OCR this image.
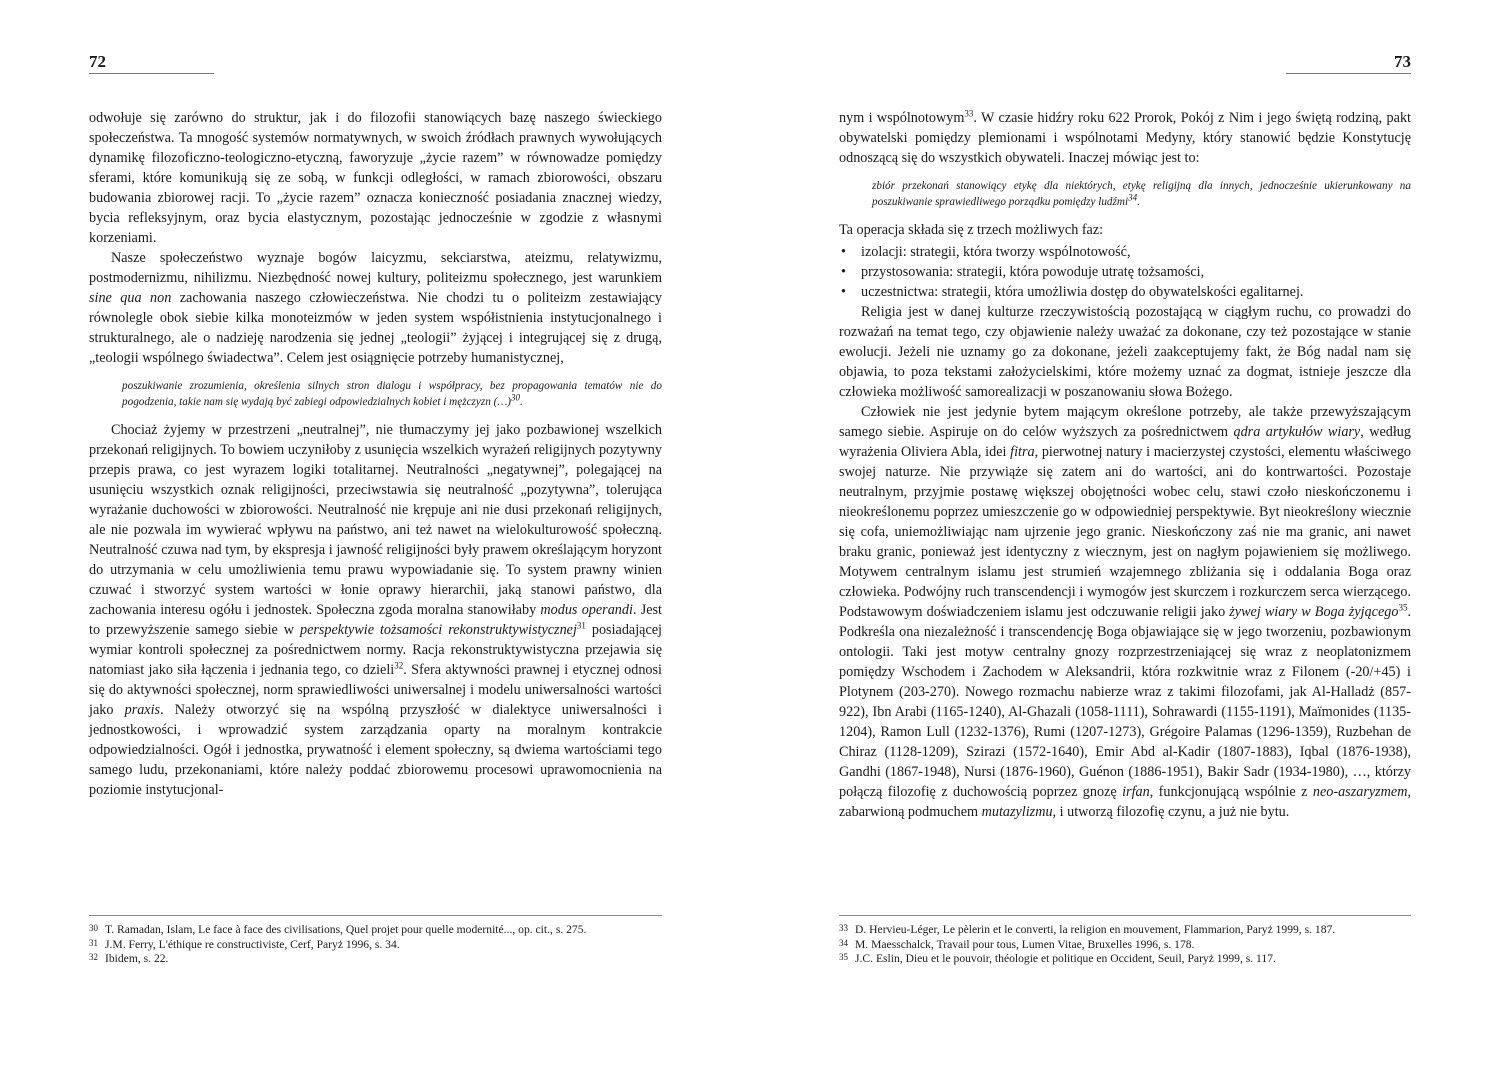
72

odwołuje się zarówno do struktur, jak i do filozofii stanowiących bazę naszego świeckiego społeczeństwa. Ta mnogość systemów normatywnych, w swoich źródłach prawnych wywołujących dynamikę filozoficzno-teologiczno-etyczną, faworyzuje „życie razem” w równowadze pomiędzy sferami, które komunikują się ze sobą, w funkcji odległości, w ramach zbiorowości, obszaru budowania zbiorowej racji. To „życie razem” oznacza konieczność posiadania znacznej wiedzy, bycia refleksyjnym, oraz bycia elastycznym, pozostając jednocześnie w zgodzie z własnymi korzeniami.

Nasze społeczeństwo wyznaje bogów laicyzmu, sekciarstwa, ateizmu, relatywizmu, postmodernizmu, nihilizmu. Niezbędność nowej kultury, politeizmu społecznego, jest warunkiem sine qua non zachowania naszego człowieczeństwa. Nie chodzi tu o politeizm zestawiający równolegle obok siebie kilka monoteizmów w jeden system współistnienia instytucjonalnego i strukturalnego, ale o nadzieję narodzenia się jednej „teologii” żyjącej i integrującej się z drugą, „teologii wspólnego świadectwa”. Celem jest osiągnięcie potrzeby humanistycznej,

poszukiwanie zrozumienia, określenia silnych stron dialogu i współpracy, bez propagowania tematów nie do pogodzenia, takie nam się wydają być zabiegi odpowiedzialnych kobiet i mężczyzn (…)$^{30}$.

Chociaż żyjemy w przestrzeni „neutralnej”, nie tłumaczymy jej jako pozbawionej wszelkich przekonań religijnych. To bowiem uczyniłoby z usunięcia wszelkich wyrażeń religijnych pozytywny przepis prawa, co jest wyrazem logiki totalitarnej. Neutralności „negatywnej”, polegającej na usunięciu wszystkich oznak religijności, przeciwstawia się neutralność „pozytywna”, tolerująca wyrażanie duchowości w zbiorowości. Neutralność nie krępuje ani nie dusi przekonań religijnych, ale nie pozwala im wywierać wpływu na państwo, ani też nawet na wielokulturowość społeczną. Neutralność czuwa nad tym, by ekspresja i jawność religijności były prawem określającym horyzont do utrzymania w celu umożliwienia temu prawu wypowiadanie się. To system prawny winien czuwać i stworzyć system wartości w łonie oprawy hierarchii, jaką stanowi państwo, dla zachowania interesu ogółu i jednostek. Społeczna zgoda moralna stanowiłaby modus operandi. Jest to przewyższenie samego siebie w perspektywie tożsamości rekonstruktywistycznej$^{31}$ posiadającej wymiar kontroli społecznej za pośrednictwem normy. Racja rekonstruktywistyczna przejawia się natomiast jako siła łączenia i jednania tego, co dzieli$^{32}$. Sfera aktywności prawnej i etycznej odnosi się do aktywności społecznej, norm sprawiedliwości uniwersalnej i modelu uniwersalności wartości jako praxis. Należy otworzyć się na wspólną przyszłość w dialektyce uniwersalności i jednostkowości, i wprowadzić system zarządzania oparty na moralnym kontrakcie odpowiedzialności. Ogół i jednostka, prywatność i element społeczny, są dwiema wartościami tego samego ludu, przekonaniami, które należy poddać zbiorowemu procesowi uprawomocnienia na poziomie instytucjonal-

30 T. Ramadan, Islam, Le face à face des civilisations, Quel projet pour quelle modernité..., op. cit., s. 275.
31 J.M. Ferry, L'éthique re constructiviste, Cerf, Paryż 1996, s. 34.
32 Ibidem, s. 22.
73

nym i wspólnotowym$^{33}$. W czasie hidźry roku 622 Prorok, Pokój z Nim i jego świętą rodziną, pakt obywatelski pomiędzy plemionami i wspólnotami Medyny, który stanowić będzie Konstytucję odnoszącą się do wszystkich obywateli. Inaczej mówiąc jest to:

zbiór przekonań stanowiący etykę dla niektórych, etykę religijną dla innych, jednocześnie ukierunkowany na poszukiwanie sprawiedliwego porządku pomiędzy ludźmi$^{34}$.

Ta operacja składa się z trzech możliwych faz:

• izolacji: strategii, która tworzy wspólnotowość,
• przystosowania: strategii, która powoduje utratę tożsamości,
• uczestnictwa: strategii, która umożliwia dostęp do obywatelskości egalitarnej.

Religia jest w danej kulturze rzeczywistością pozostającą w ciągłym ruchu, co prowadzi do rozważań na temat tego, czy objawienie należy uważać za dokonane, czy też pozostające w stanie ewolucji. Jeżeli nie uznamy go za dokonane, jeżeli zaakceptujemy fakt, że Bóg nadal nam się objawia, to poza tekstami założycielskimi, które możemy uznać za dogmat, istnieje jeszcze dla człowieka możliwość samorealizacji w poszanowaniu słowa Bożego.

Człowiek nie jest jedynie bytem mającym określone potrzeby, ale także przewyższającym samego siebie. Aspiruje on do celów wyższych za pośrednictwem ądra artykułów wiary, według wyrażenia Oliviera Abla, idei fitra, pierwotnej natury i macierzystej czystości, elementu właściwego swojej naturze. Nie przywiąże się zatem ani do wartości, ani do kontrwartości. Pozostaje neutralnym, przyjmie postawę większej obojętności wobec celu, stawi czoło nieskończonemu i nieokreślonemu poprzez umieszczenie go w odpowiedniej perspektywie. Byt nieokreślony wiecznie się cofa, uniemożliwiając nam ujrzenie jego granic. Nieskończony zaś nie ma granic, ani nawet braku granic, ponieważ jest identyczny z wiecznym, jest on nagłym pojawieniem się możliwego. Motywem centralnym islamu jest strumień wzajemnego zbliżania się i oddalania Boga oraz człowieka. Podwójny ruch transcendencji i wymogów jest skurczem i rozkurczem serca wierzącego. Podstawowym doświadczeniem islamu jest odczuwanie religii jako żywej wiary w Boga żyjącego$^{35}$. Podkreśla ona niezależność i transcendencję Boga objawiające się w jego tworzeniu, pozbawionym ontologii. Taki jest motyw centralny gnozy rozprzestrzeniającej się wraz z neoplatonizmem pomiędzy Wschodem i Zachodem w Aleksandrii, która rozkwitnie wraz z Filonem (-20/+45) i Plotynem (203-270). Nowego rozmachu nabierze wraz z takimi filozofami, jak Al-Halladż (857-922), Ibn Arabi (1165-1240), Al-Ghazali (1058-1111), Sohrawardi (1155-1191), Maïmonides (1135-1204), Ramon Lull (1232-1376), Rumi (1207-1273), Grégoire Palamas (1296-1359), Ruzbehan de Chiraz (1128-1209), Szirazi (1572-1640), Emir Abd al-Kadir (1807-1883), Iqbal (1876-1938), Gandhi (1867-1948), Nursi (1876-1960), Guénon (1886-1951), Bakir Sadr (1934-1980), …, którzy połączą filozofię z duchowością poprzez gnozę irfan, funkcjonującą wspólnie z neo-aszaryzmem, zabarwioną podmuchem mutazylizmu, i utworzą filozofię czynu, a już nie bytu.

33 D. Hervieu-Léger, Le pèlerin et le converti, la religion en mouvement, Flammarion, Paryż 1999, s. 187.
34 M. Maesschalck, Travail pour tous, Lumen Vitae, Bruxelles 1996, s. 178.
35 J.C. Eslin, Dieu et le pouvoir, théologie et politique en Occident, Seuil, Paryż 1999, s. 117.
